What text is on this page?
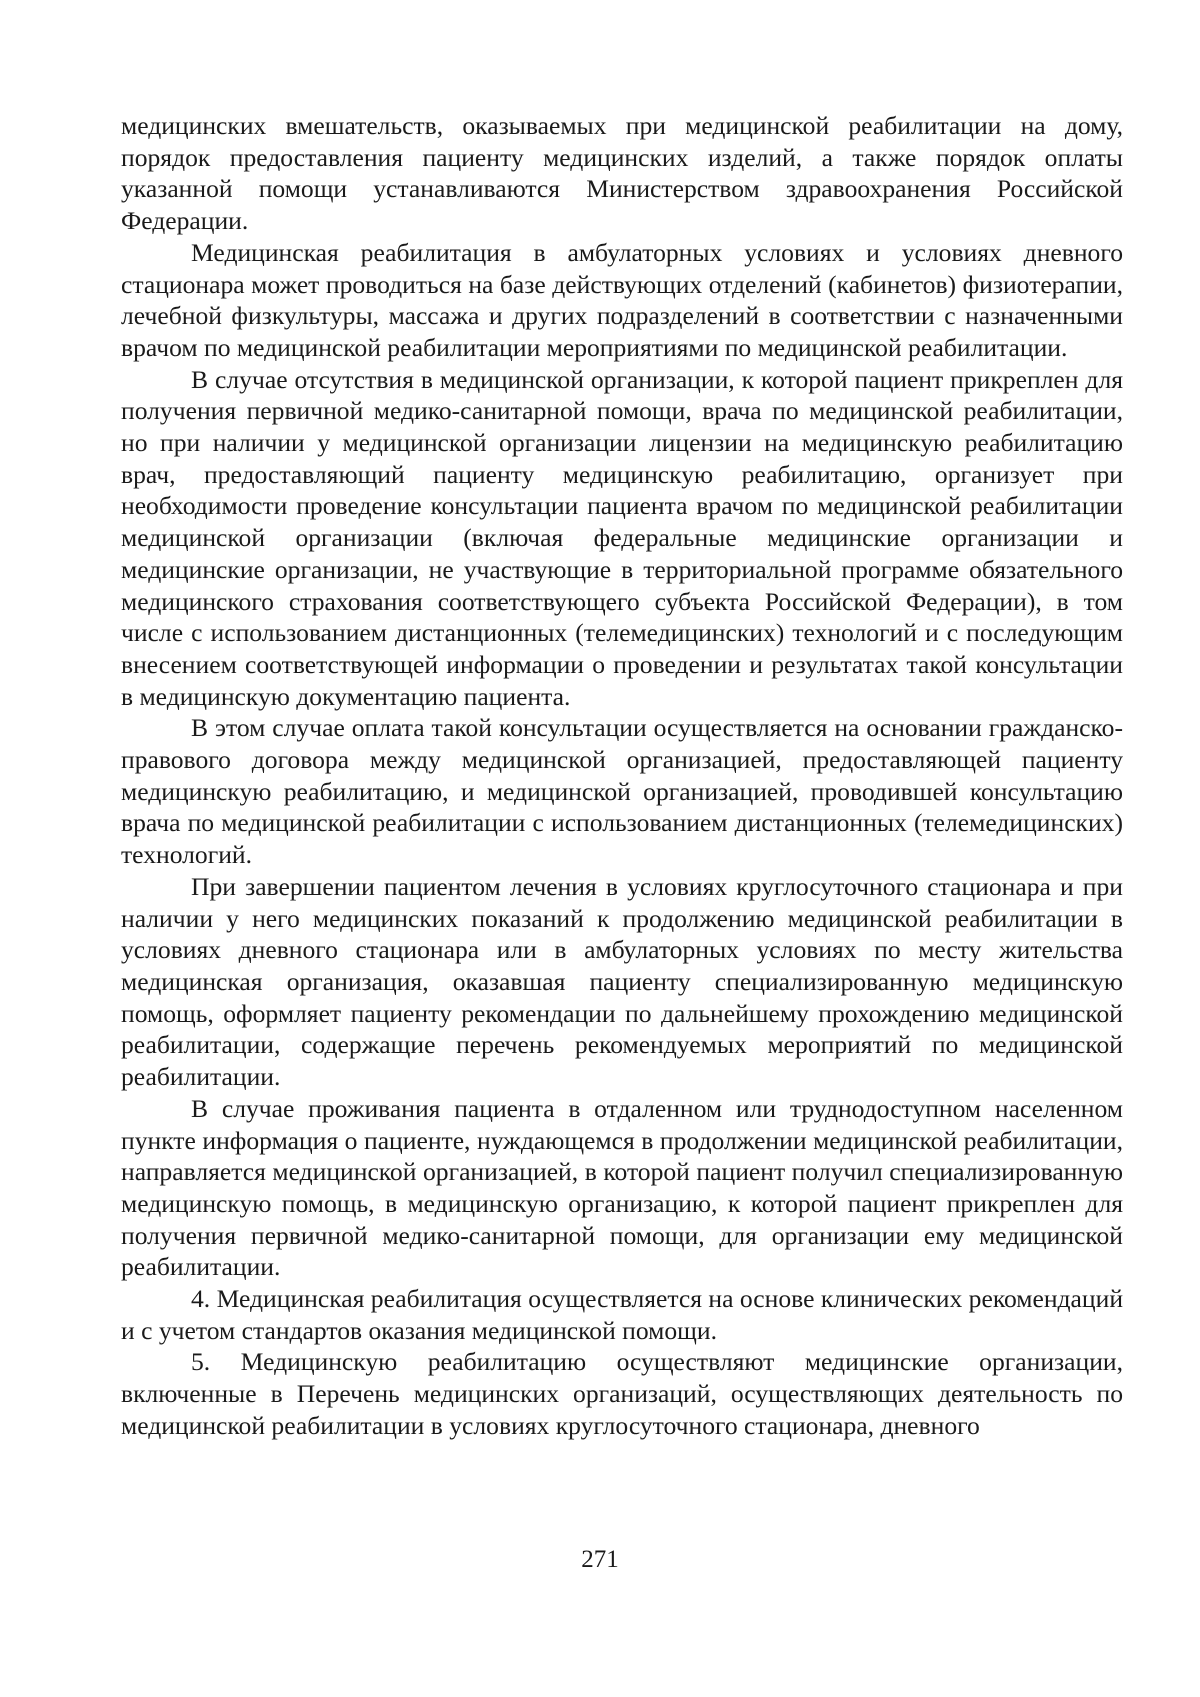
медицинских вмешательств, оказываемых при медицинской реабилитации на дому, порядок предоставления пациенту медицинских изделий, а также порядок оплаты указанной помощи устанавливаются Министерством здравоохранения Российской Федерации.

Медицинская реабилитация в амбулаторных условиях и условиях дневного стационара может проводиться на базе действующих отделений (кабинетов) физиотерапии, лечебной физкультуры, массажа и других подразделений в соответствии с назначенными врачом по медицинской реабилитации мероприятиями по медицинской реабилитации.

В случае отсутствия в медицинской организации, к которой пациент прикреплен для получения первичной медико-санитарной помощи, врача по медицинской реабилитации, но при наличии у медицинской организации лицензии на медицинскую реабилитацию врач, предоставляющий пациенту медицинскую реабилитацию, организует при необходимости проведение консультации пациента врачом по медицинской реабилитации медицинской организации (включая федеральные медицинские организации и медицинские организации, не участвующие в территориальной программе обязательного медицинского страхования соответствующего субъекта Российской Федерации), в том числе с использованием дистанционных (телемедицинских) технологий и с последующим внесением соответствующей информации о проведении и результатах такой консультации в медицинскую документацию пациента.

В этом случае оплата такой консультации осуществляется на основании гражданско-правового договора между медицинской организацией, предоставляющей пациенту медицинскую реабилитацию, и медицинской организацией, проводившей консультацию врача по медицинской реабилитации с использованием дистанционных (телемедицинских) технологий.

При завершении пациентом лечения в условиях круглосуточного стационара и при наличии у него медицинских показаний к продолжению медицинской реабилитации в условиях дневного стационара или в амбулаторных условиях по месту жительства медицинская организация, оказавшая пациенту специализированную медицинскую помощь, оформляет пациенту рекомендации по дальнейшему прохождению медицинской реабилитации, содержащие перечень рекомендуемых мероприятий по медицинской реабилитации.

В случае проживания пациента в отдаленном или труднодоступном населенном пункте информация о пациенте, нуждающемся в продолжении медицинской реабилитации, направляется медицинской организацией, в которой пациент получил специализированную медицинскую помощь, в медицинскую организацию, к которой пациент прикреплен для получения первичной медико-санитарной помощи, для организации ему медицинской реабилитации.

4. Медицинская реабилитация осуществляется на основе клинических рекомендаций и с учетом стандартов оказания медицинской помощи.

5. Медицинскую реабилитацию осуществляют медицинские организации, включенные в Перечень медицинских организаций, осуществляющих деятельность по медицинской реабилитации в условиях круглосуточного стационара, дневного

271
